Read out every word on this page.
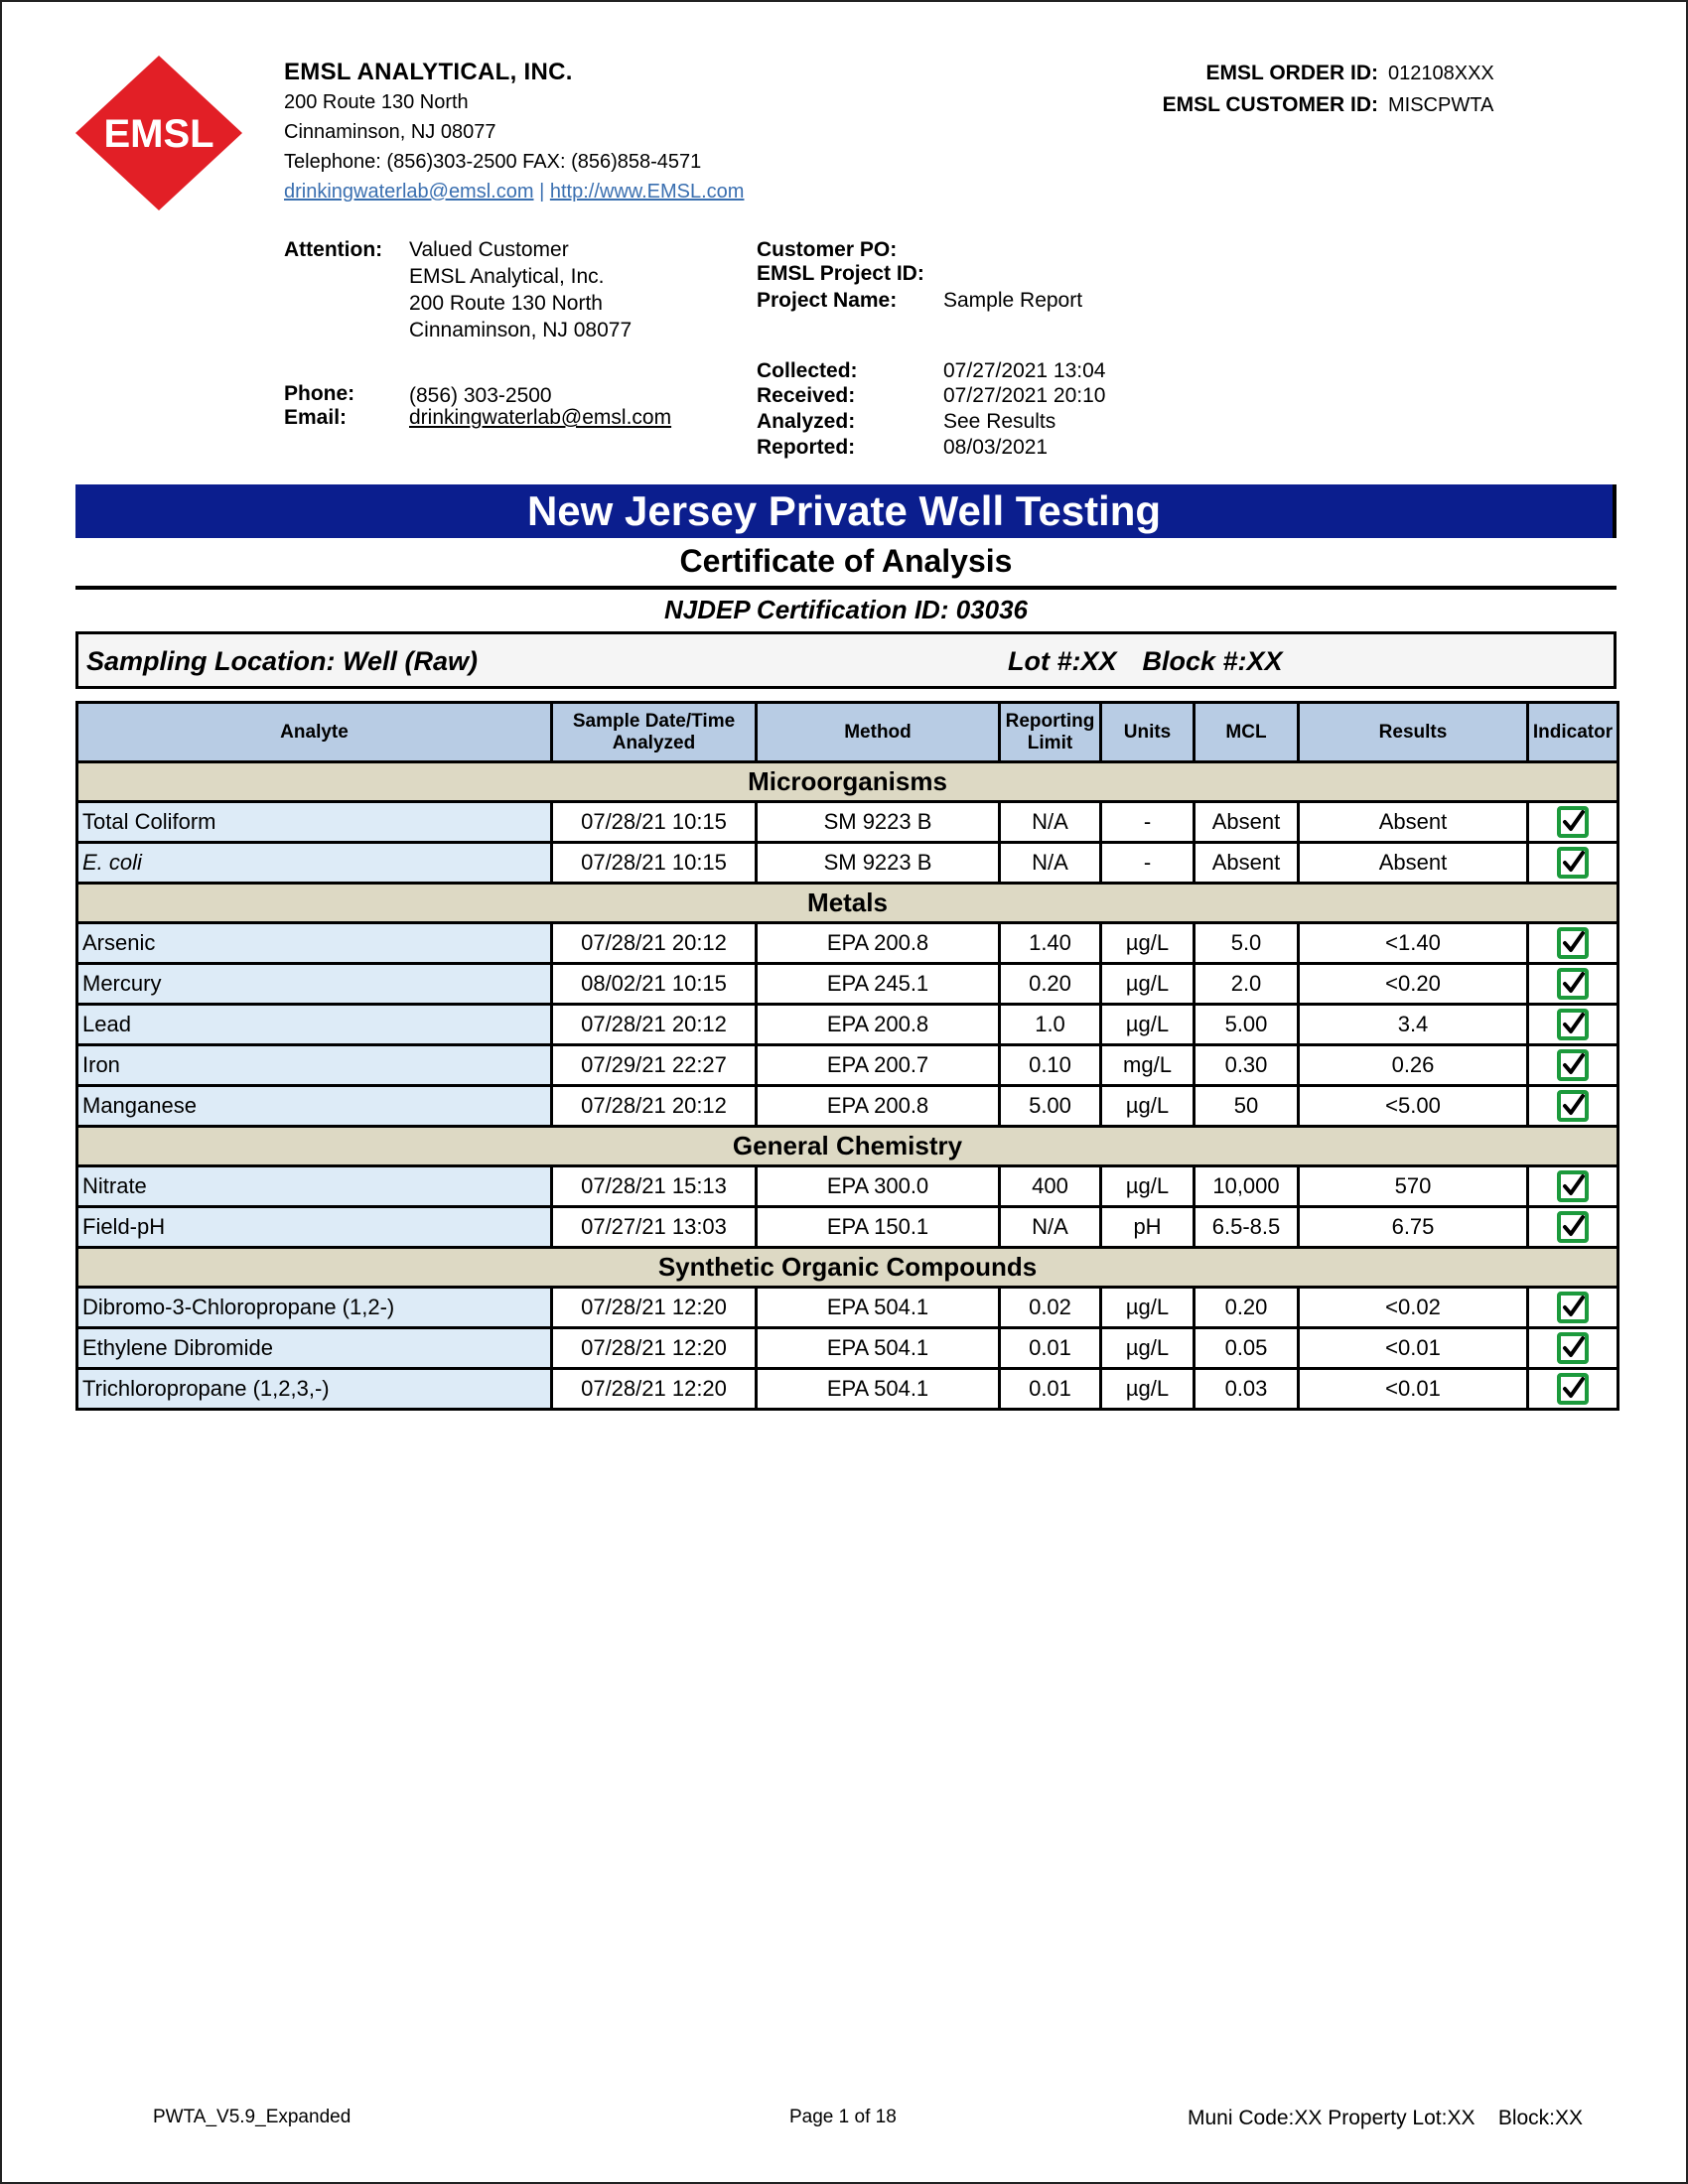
EMSL
EMSL ANALYTICAL, INC.
200 Route 130 North
Cinnaminson, NJ 08077
Telephone: (856)303-2500 FAX: (856)858-4571
drinkingwaterlab@emsl.com | http://www.EMSL.com
EMSL ORDER ID: 012108XXX
EMSL CUSTOMER ID: MISCPWTA
Attention: Valued Customer
EMSL Analytical, Inc.
200 Route 130 North
Cinnaminson, NJ 08077
Phone:	(856) 303-2500
Email:	drinkingwaterlab@emsl.com
Customer PO:
EMSL Project ID:
Project Name: Sample Report
Collected:	07/27/2021 13:04
Received:	07/27/2021 20:10
Analyzed:	See Results
Reported:	08/03/2021
New Jersey Private Well Testing
Certificate of Analysis
NJDEP Certification ID: 03036
Sampling Location: Well (Raw)	Lot #:XX Block #:XX
Analyte	Sample Date/Time Analyzed	Method	Reporting Limit	Units	MCL	Results	Indicator
Microorganisms							
Total Coliform	07/28/21 10:15	SM 9223 B	N/A	-	Absent	Absent	
E. coli	07/28/21 10:15	SM 9223 B	N/A	-	Absent	Absent	
Metals							
Arsenic	07/28/21 20:12	EPA 200.8	1.40	µg/L	5.0	<1.40	
Mercury	08/02/21 10:15	EPA 245.1	0.20	µg/L	2.0	<0.20	
Lead	07/28/21 20:12	EPA 200.8	1.0	µg/L	5.00	3.4	
Iron	07/29/21 22:27	EPA 200.7	0.10	mg/L	0.30	0.26	
Manganese	07/28/21 20:12	EPA 200.8	5.00	µg/L	50	<5.00	
General Chemistry							
Nitrate	07/28/21 15:13	EPA 300.0	400	µg/L	10,000	570	
Field-pH	07/27/21 13:03	EPA 150.1	N/A	pH	6.5-8.5	6.75	
Synthetic Organic Compounds							
Dibromo-3-Chloropropane (1,2-)	07/28/21 12:20	EPA 504.1	0.02	µg/L	0.20	<0.02	
Ethylene Dibromide	07/28/21 12:20	EPA 504.1	0.01	µg/L	0.05	<0.01	
Trichloropropane (1,2,3,-)	07/28/21 12:20	EPA 504.1	0.01	µg/L	0.03	<0.01	
PWTA_V5.9_Expanded	Page 1 of 18	Muni Code:XX Property Lot:XX    Block:XX
